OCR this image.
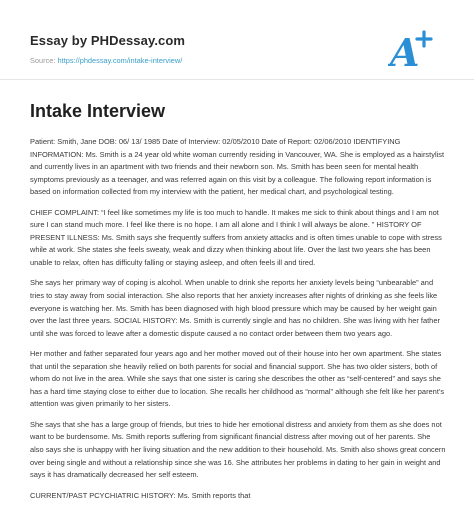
Essay by PHDessay.com
Source: https://phdessay.com/intake-interview/	A
Intake Interview

Patient: Smith, Jane DOB: 06/ 13/ 1985 Date of Interview: 02/05/2010 Date of Report: 02/06/2010 IDENTIFYING INFORMATION: Ms. Smith is a 24 year old white woman currently residing in Vancouver, WA. She is employed as a hairstylist and currently lives in an apartment with two friends and their newborn son. Ms. Smith has been seen for mental health symptoms previously as a teenager, and was referred again on this visit by a colleague. The following report information is based on information collected from my interview with the patient, her medical chart, and psychological testing.

CHIEF COMPLAINT: “I feel like sometimes my life is too much to handle. It makes me sick to think about things and I am not sure I can stand much more. I feel like there is no hope. I am all alone and I think I will always be alone. ” HISTORY OF PRESENT ILLNESS: Ms. Smith says she frequently suffers from anxiety attacks and is often times unable to cope with stress while at work. She states she feels sweaty, weak and dizzy when thinking about life. Over the last two years she has been unable to relax, often has difficulty falling or staying asleep, and often feels ill and tired.

She says her primary way of coping is alcohol. When unable to drink she reports her anxiety levels being “unbearable” and tries to stay away from social interaction. She also reports that her anxiety increases after nights of drinking as she feels like everyone is watching her. Ms. Smith has been diagnosed with high blood pressure which may be caused by her weight gain over the last three years. SOCIAL HISTORY: Ms. Smith is currently single and has no children. She was living with her father until she was forced to leave after a domestic dispute caused a no contact order between them two years ago.

Her mother and father separated four years ago and her mother moved out of their house into her own apartment. She states that until the separation she heavily relied on both parents for social and financial support. She has two older sisters, both of whom do not live in the area. While she says that one sister is caring she describes the other as “self-centered” and says she has a hard time staying close to either due to location. She recalls her childhood as “normal” although she felt like her parent’s attention was given primarily to her sisters.

She says that she has a large group of friends, but tries to hide her emotional distress and anxiety from them as she does not want to be burdensome. Ms. Smith reports suffering from significant financial distress after moving out of her parents. She also says she is unhappy with her living situation and the new addition to their household. Ms. Smith also shows great concern over being single and without a relationship since she was 16. She attributes her problems in dating to her gain in weight and says it has dramatically decreased her self esteem.

CURRENT/PAST PCYCHIATRIC HISTORY: Ms. Smith reports that
